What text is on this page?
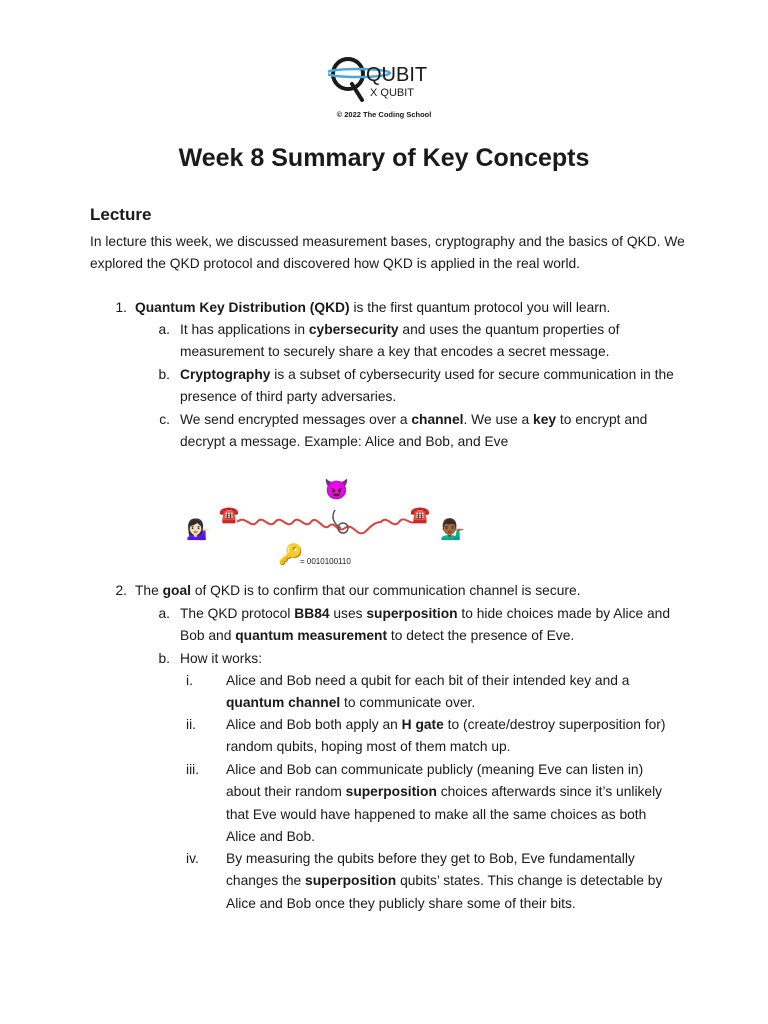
QUBIT
X QUBIT
© 2022 The Coding School
Week 8 Summary of Key Concepts
Lecture

In lecture this week, we discussed measurement bases, cryptography and the basics of QKD. We explored the QKD protocol and discovered how QKD is applied in the real world.

1. Quantum Key Distribution (QKD) is the first quantum protocol you will learn.

a. It has applications in cybersecurity and uses the quantum properties of measurement to securely share a key that encodes a secret message.

b. Cryptography is a subset of cybersecurity used for secure communication in the presence of third party adversaries.

c. We send encrypted messages over a channel. We use a key to encrypt and decrypt a message. Example: Alice and Bob, and Eve

💁🏻‍♀️
☎️
😈
☎️
💁🏾‍♂️
🔑
= 0010100110
2. The goal of QKD is to confirm that our communication channel is secure.

a. The QKD protocol BB84 uses superposition to hide choices made by Alice and Bob and quantum measurement to detect the presence of Eve.

b. How it works:

i.	Alice and Bob need a qubit for each bit of their intended key and a quantum channel to communicate over.

ii.	Alice and Bob both apply an H gate to (create/destroy superposition for) random qubits, hoping most of them match up.

iii.	Alice and Bob can communicate publicly (meaning Eve can listen in) about their random superposition choices afterwards since it’s unlikely that Eve would have happened to make all the same choices as both Alice and Bob.

iv.	By measuring the qubits before they get to Bob, Eve fundamentally changes the superposition qubits’ states. This change is detectable by Alice and Bob once they publicly share some of their bits.
